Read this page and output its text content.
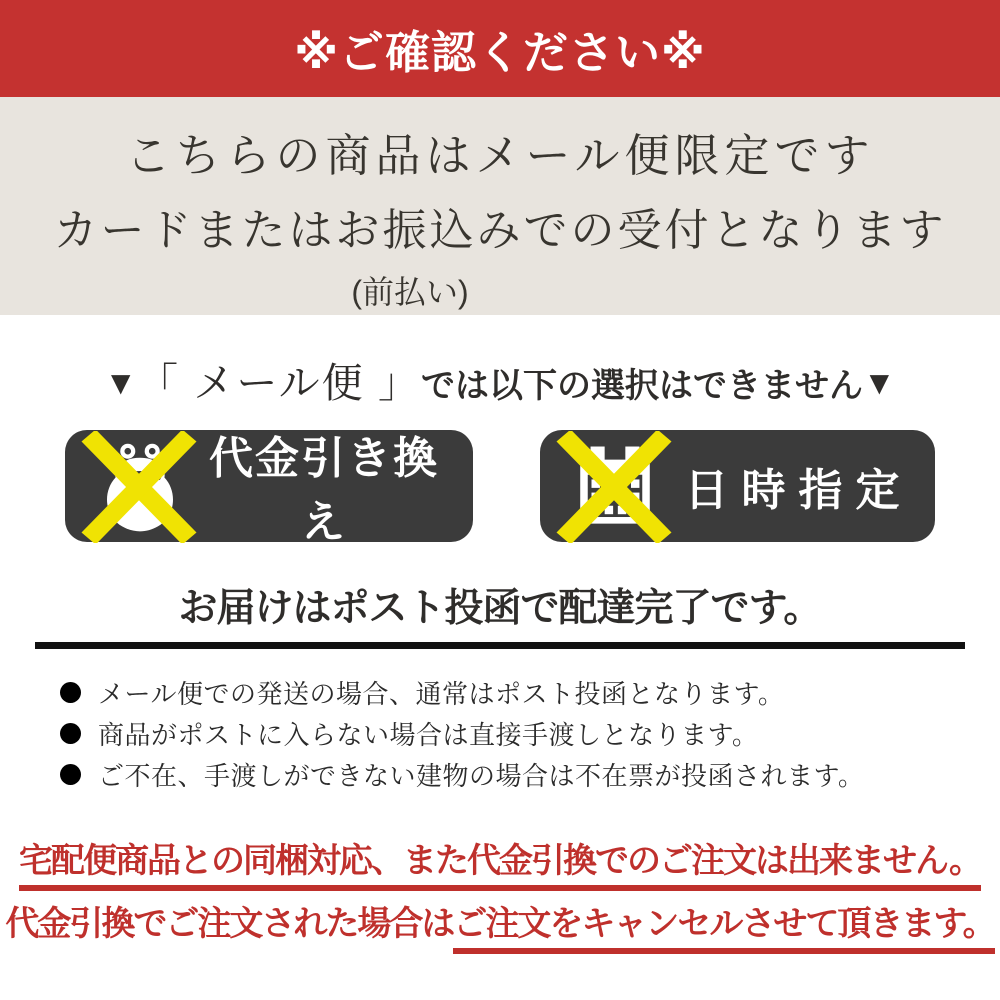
※ご確認ください※
こちらの商品はメール便限定です
カードまたはお振込みでの受付となります
(前払い)
▼「 メール便 」では以下の選択はできません▼
代金引き換え
日時指定
お届けはポスト投函で配達完了です。
メール便での発送の場合、通常はポスト投函となります。
商品がポストに入らない場合は直接手渡しとなります。
ご不在、手渡しができない建物の場合は不在票が投函されます。
宅配便商品との同梱対応、また代金引換でのご注文は出来ません。
代金引換でご注文された場合はご注文をキャンセルさせて頂きます。
